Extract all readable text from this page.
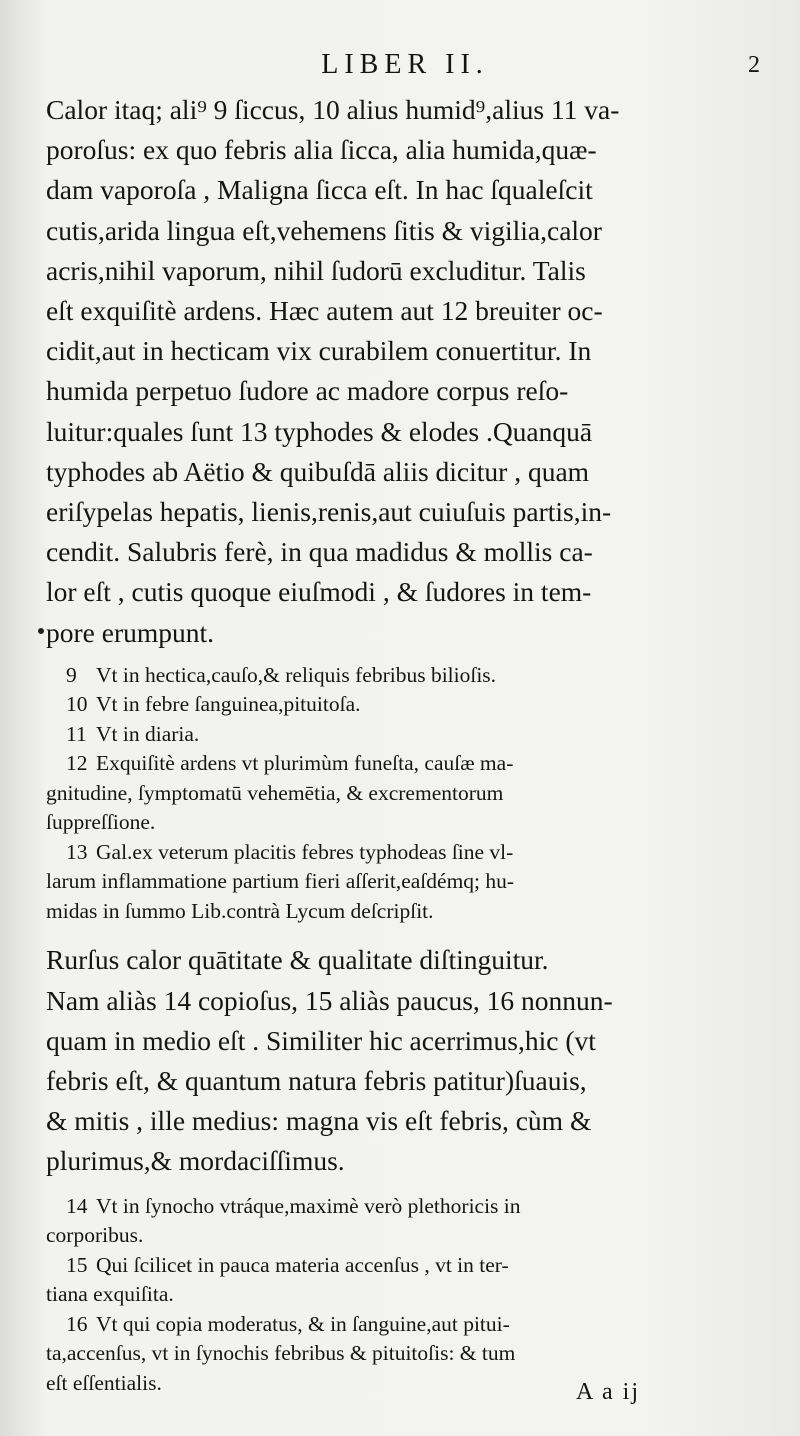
LIBER II.	2
Calor itaq; ali⁹ 9 ſiccus, 10 alius humid⁹,alius 11 va-
poroſus: ex quo febris alia ſicca, alia humida,quæ-
dam vaporoſa , Maligna ſicca eſt. In hac ſqualeſcit
cutis,arida lingua eſt,vehemens ſitis & vigilia,calor
acris,nihil vaporum, nihil ſudorū excluditur. Talis
eſt exquiſitè ardens. Hæc autem aut 12 breuiter oc-
cidit,aut in hecticam vix curabilem conuertitur. In
humida perpetuo ſudore ac madore corpus reſo-
luitur:quales ſunt 13 typhodes & elodes .Quanquā
typhodes ab Aëtio & quibuſdā aliis dicitur , quam
eriſypelas hepatis, lienis,renis,aut cuiuſuis partis,in-
cendit. Salubris ferè, in qua madidus & mollis ca-
lor eſt , cutis quoque eiuſmodi , & ſudores in tem-
pore erumpunt.
9 Vt in hectica,cauſo,& reliquis febribus bilioſis.
10 Vt in febre ſanguinea,pituitoſa.
11 Vt in diaria.
12 Exquiſitè ardens vt plurimùm funeſta, cauſæ ma-
gnitudine, ſymptomatū vehemētia, & excrementorum
ſuppreſſione.
13 Gal.ex veterum placitis febres typhodeas ſine vl-
larum inflammatione partium fieri aſſerit,eaſdémq; hu-
midas in ſummo Lib.contrà Lycum deſcripſit.
Rurſus calor quātitate & qualitate diſtinguitur.
Nam aliàs 14 copioſus, 15 aliàs paucus, 16 nonnun-
quam in medio eſt . Similiter hic acerrimus,hic (vt
febris eſt, & quantum natura febris patitur)ſuauis,
& mitis , ille medius: magna vis eſt febris, cùm &
plurimus,& mordaciſſimus.
14 Vt in ſynocho vtráque,maximè verò plethoricis in
corporibus.
15 Qui ſcilicet in pauca materia accenſus , vt in ter-
tiana exquiſita.
16 Vt qui copia moderatus, & in ſanguine,aut pitui-
ta,accenſus, vt in ſynochis febribus & pituitoſis: & tum
eſt eſſentialis.	A a ij
